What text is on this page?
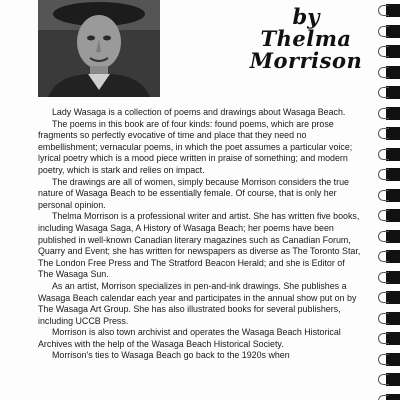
by
Thelma
Morrison

Lady Wasaga is a collection of poems and drawings about Wasaga Beach.

The poems in this book are of four kinds: found poems, which are prose fragments so perfectly evocative of time and place that they need no embellishment; vernacular poems, in which the poet assumes a particular voice; lyrical poetry which is a mood piece written in praise of something; and modern poetry, which is stark and relies on impact.

The drawings are all of women, simply because Morrison considers the true nature of Wasaga Beach to be essentially female. Of course, that is only her personal opinion.

Thelma Morrison is a professional writer and artist. She has written five books, including Wasaga Saga, A History of Wasaga Beach; her poems have been published in well-known Canadian literary magazines such as Canadian Forum, Quarry and Event; she has written for newspapers as diverse as The Toronto Star, The London Free Press and The Stratford Beacon Herald; and she is Editor of The Wasaga Sun.

As an artist, Morrison specializes in pen-and-ink drawings. She publishes a Wasaga Beach calendar each year and participates in the annual show put on by The Wasaga Art Group. She has also illustrated books for several publishers, including UCCB Press.

Morrison is also town archivist and operates the Wasaga Beach Historical Archives with the help of the Wasaga Beach Historical Society.

Morrison's ties to Wasaga Beach go back to the 1920s when
